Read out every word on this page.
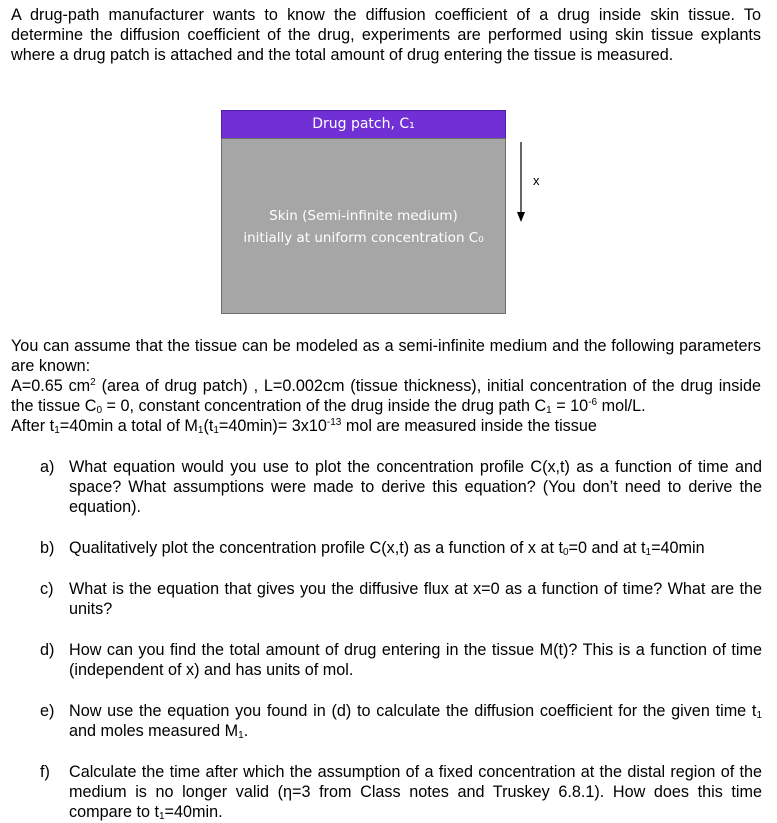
A drug-path manufacturer wants to know the diffusion coefficient of a drug inside skin tissue. To determine the diffusion coefficient of the drug, experiments are performed using skin tissue explants where a drug patch is attached and the total amount of drug entering the tissue is measured.

Drug patch, C₁
Skin (Semi-infinite medium)
initially at uniform concentration C₀
x

You can assume that the tissue can be modeled as a semi-infinite medium and the following parameters are known:

A=0.65 $cm^2$ (area of drug patch) , L=0.002cm (tissue thickness), initial concentration of the drug inside the tissue $C_0 = 0$, constant concentration of the drug inside the drug path $C_1 = 10^{-6}$ mol/L.

After $t_1=40\min$ a total of $M_1(t_1=40\min)= 3x10^{-13}$ mol are measured inside the tissue

a) What equation would you use to plot the concentration profile C(x,t) as a function of time and space? What assumptions were made to derive this equation? (You don’t need to derive the equation).
b) Qualitatively plot the concentration profile C(x,t) as a function of x at $t_0=0$ and at $t_1=40\min$
c) What is the equation that gives you the diffusive flux at x=0 as a function of time? What are the units?
d) How can you find the total amount of drug entering in the tissue M(t)? This is a function of time (independent of x) and has units of mol.
e) Now use the equation you found in (d) to calculate the diffusion coefficient for the given time $t_1$ and moles measured $M_1$.
f) Calculate the time after which the assumption of a fixed concentration at the distal region of the medium is no longer valid (η=3 from Class notes and Truskey 6.8.1). How does this time compare to $t_1=40\min$.
